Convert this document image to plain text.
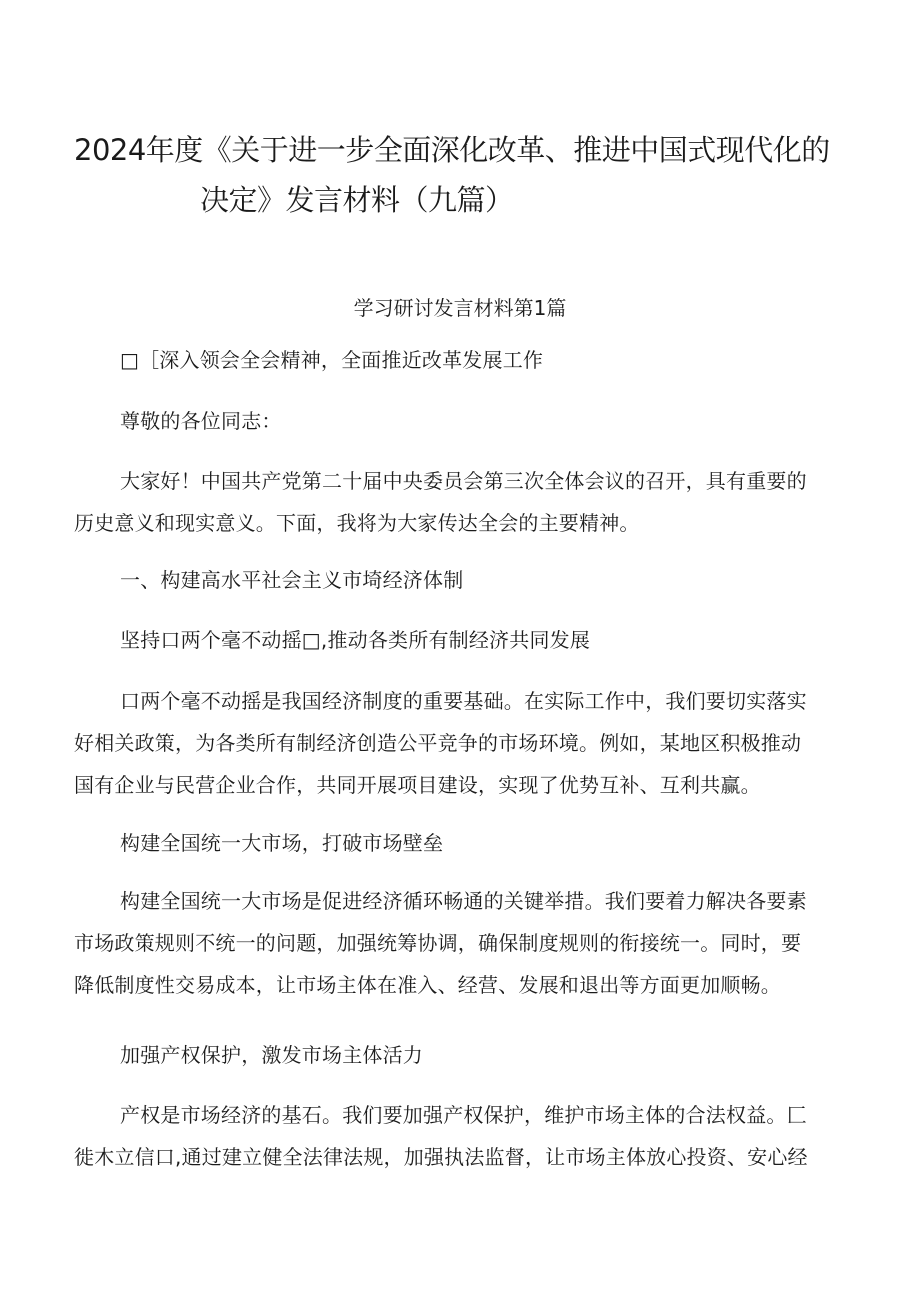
2024年度《关于进一步全面深化改革、推进中国式现代化的
决定》发言材料（九篇）
学习研讨发言材料第1篇
□［深入领会全会精神，全面推近改革发展工作
尊敬的各位同志：
大家好！中国共产党第二十届中央委员会第三次全体会议的召开，具有重要的
历史意义和现实意义。下面，我将为大家传达全会的主要精神。
一、构建高水平社会主义市埼经济体制
坚持口两个毫不动摇□,推动各类所有制经济共同发展
口两个毫不动摇是我国经济制度的重要基础。在实际工作中，我们要切实落实
好相关政策，为各类所有制经济创造公平竞争的市场环境。例如，某地区积极推动
国有企业与民营企业合作，共同开展项目建设，实现了优势互补、互利共赢。
构建全国统一大市场，打破市场壁垒
构建全国统一大市场是促进经济循环畅通的关键举措。我们要着力解决各要素
市场政策规则不统一的问题，加强统筹协调，确保制度规则的衔接统一。同时，要
降低制度性交易成本，让市场主体在准入、经营、发展和退出等方面更加顺畅。
加强产权保护，激发市场主体活力
产权是市场经济的基石。我们要加强产权保护，维护市场主体的合法权益。匚
徙木立信口,通过建立健全法律法规，加强执法监督，让市场主体放心投资、安心经
